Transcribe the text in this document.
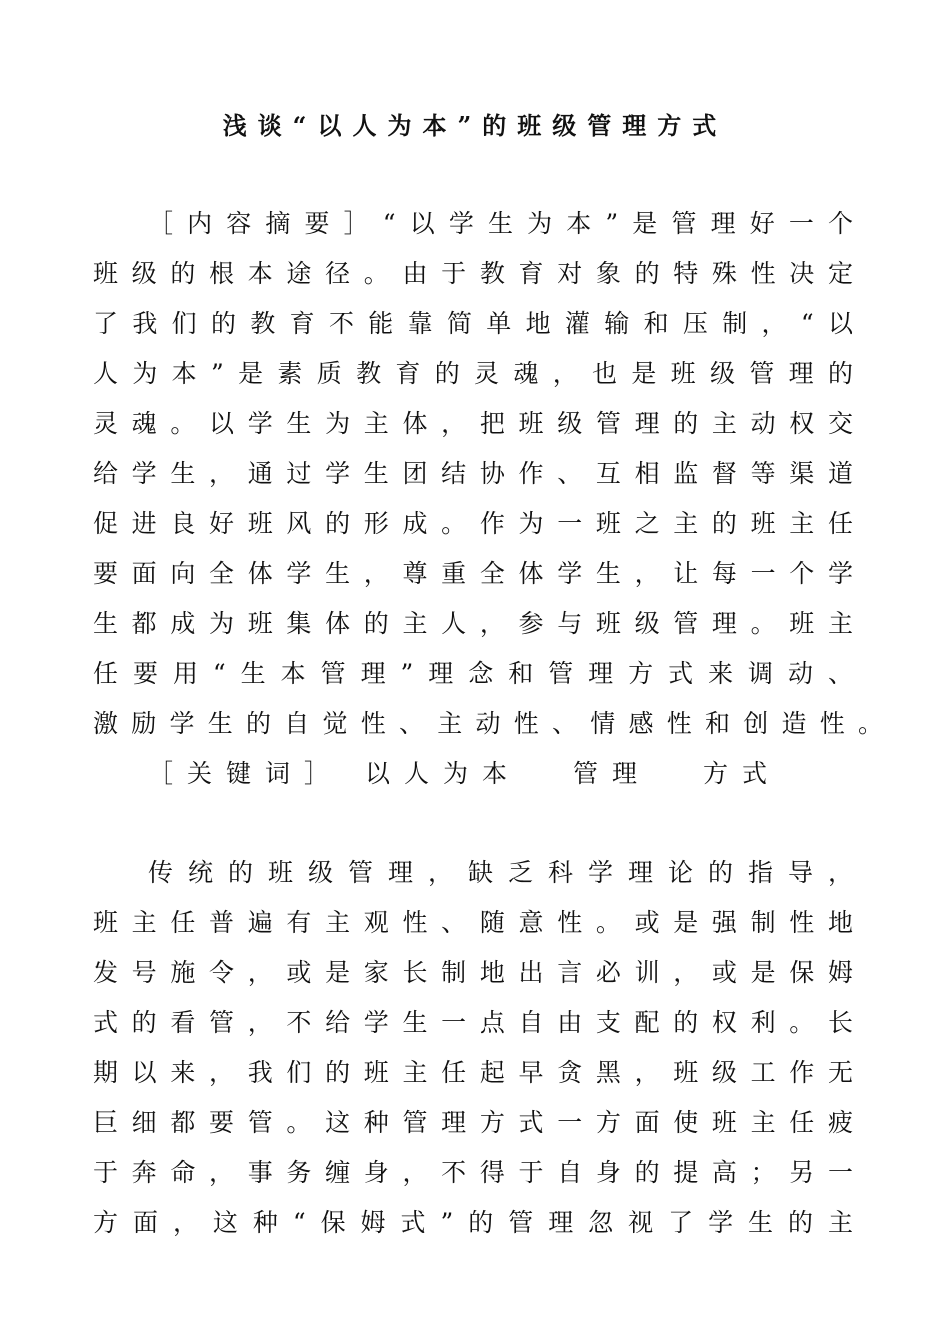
浅谈“以人为本”的班级管理方式
［内容摘要］“以学生为本”是管理好一个
班级的根本途径。由于教育对象的特殊性决定
了我们的教育不能靠简单地灌输和压制，“以
人为本”是素质教育的灵魂，也是班级管理的
灵魂。以学生为主体，把班级管理的主动权交
给学生，通过学生团结协作、互相监督等渠道
促进良好班风的形成。作为一班之主的班主任
要面向全体学生，尊重全体学生，让每一个学
生都成为班集体的主人，参与班级管理。班主
任要用“生本管理”理念和管理方式来调动、
激励学生的自觉性、主动性、情感性和创造性。
［关键词］ 以人为本 管理 方式
传统的班级管理，缺乏科学理论的指导，
班主任普遍有主观性、随意性。或是强制性地
发号施令，或是家长制地出言必训，或是保姆
式的看管，不给学生一点自由支配的权利。长
期以来，我们的班主任起早贪黑，班级工作无
巨细都要管。这种管理方式一方面使班主任疲
于奔命，事务缠身，不得于自身的提高；另一
方面，这种“保姆式”的管理忽视了学生的主
